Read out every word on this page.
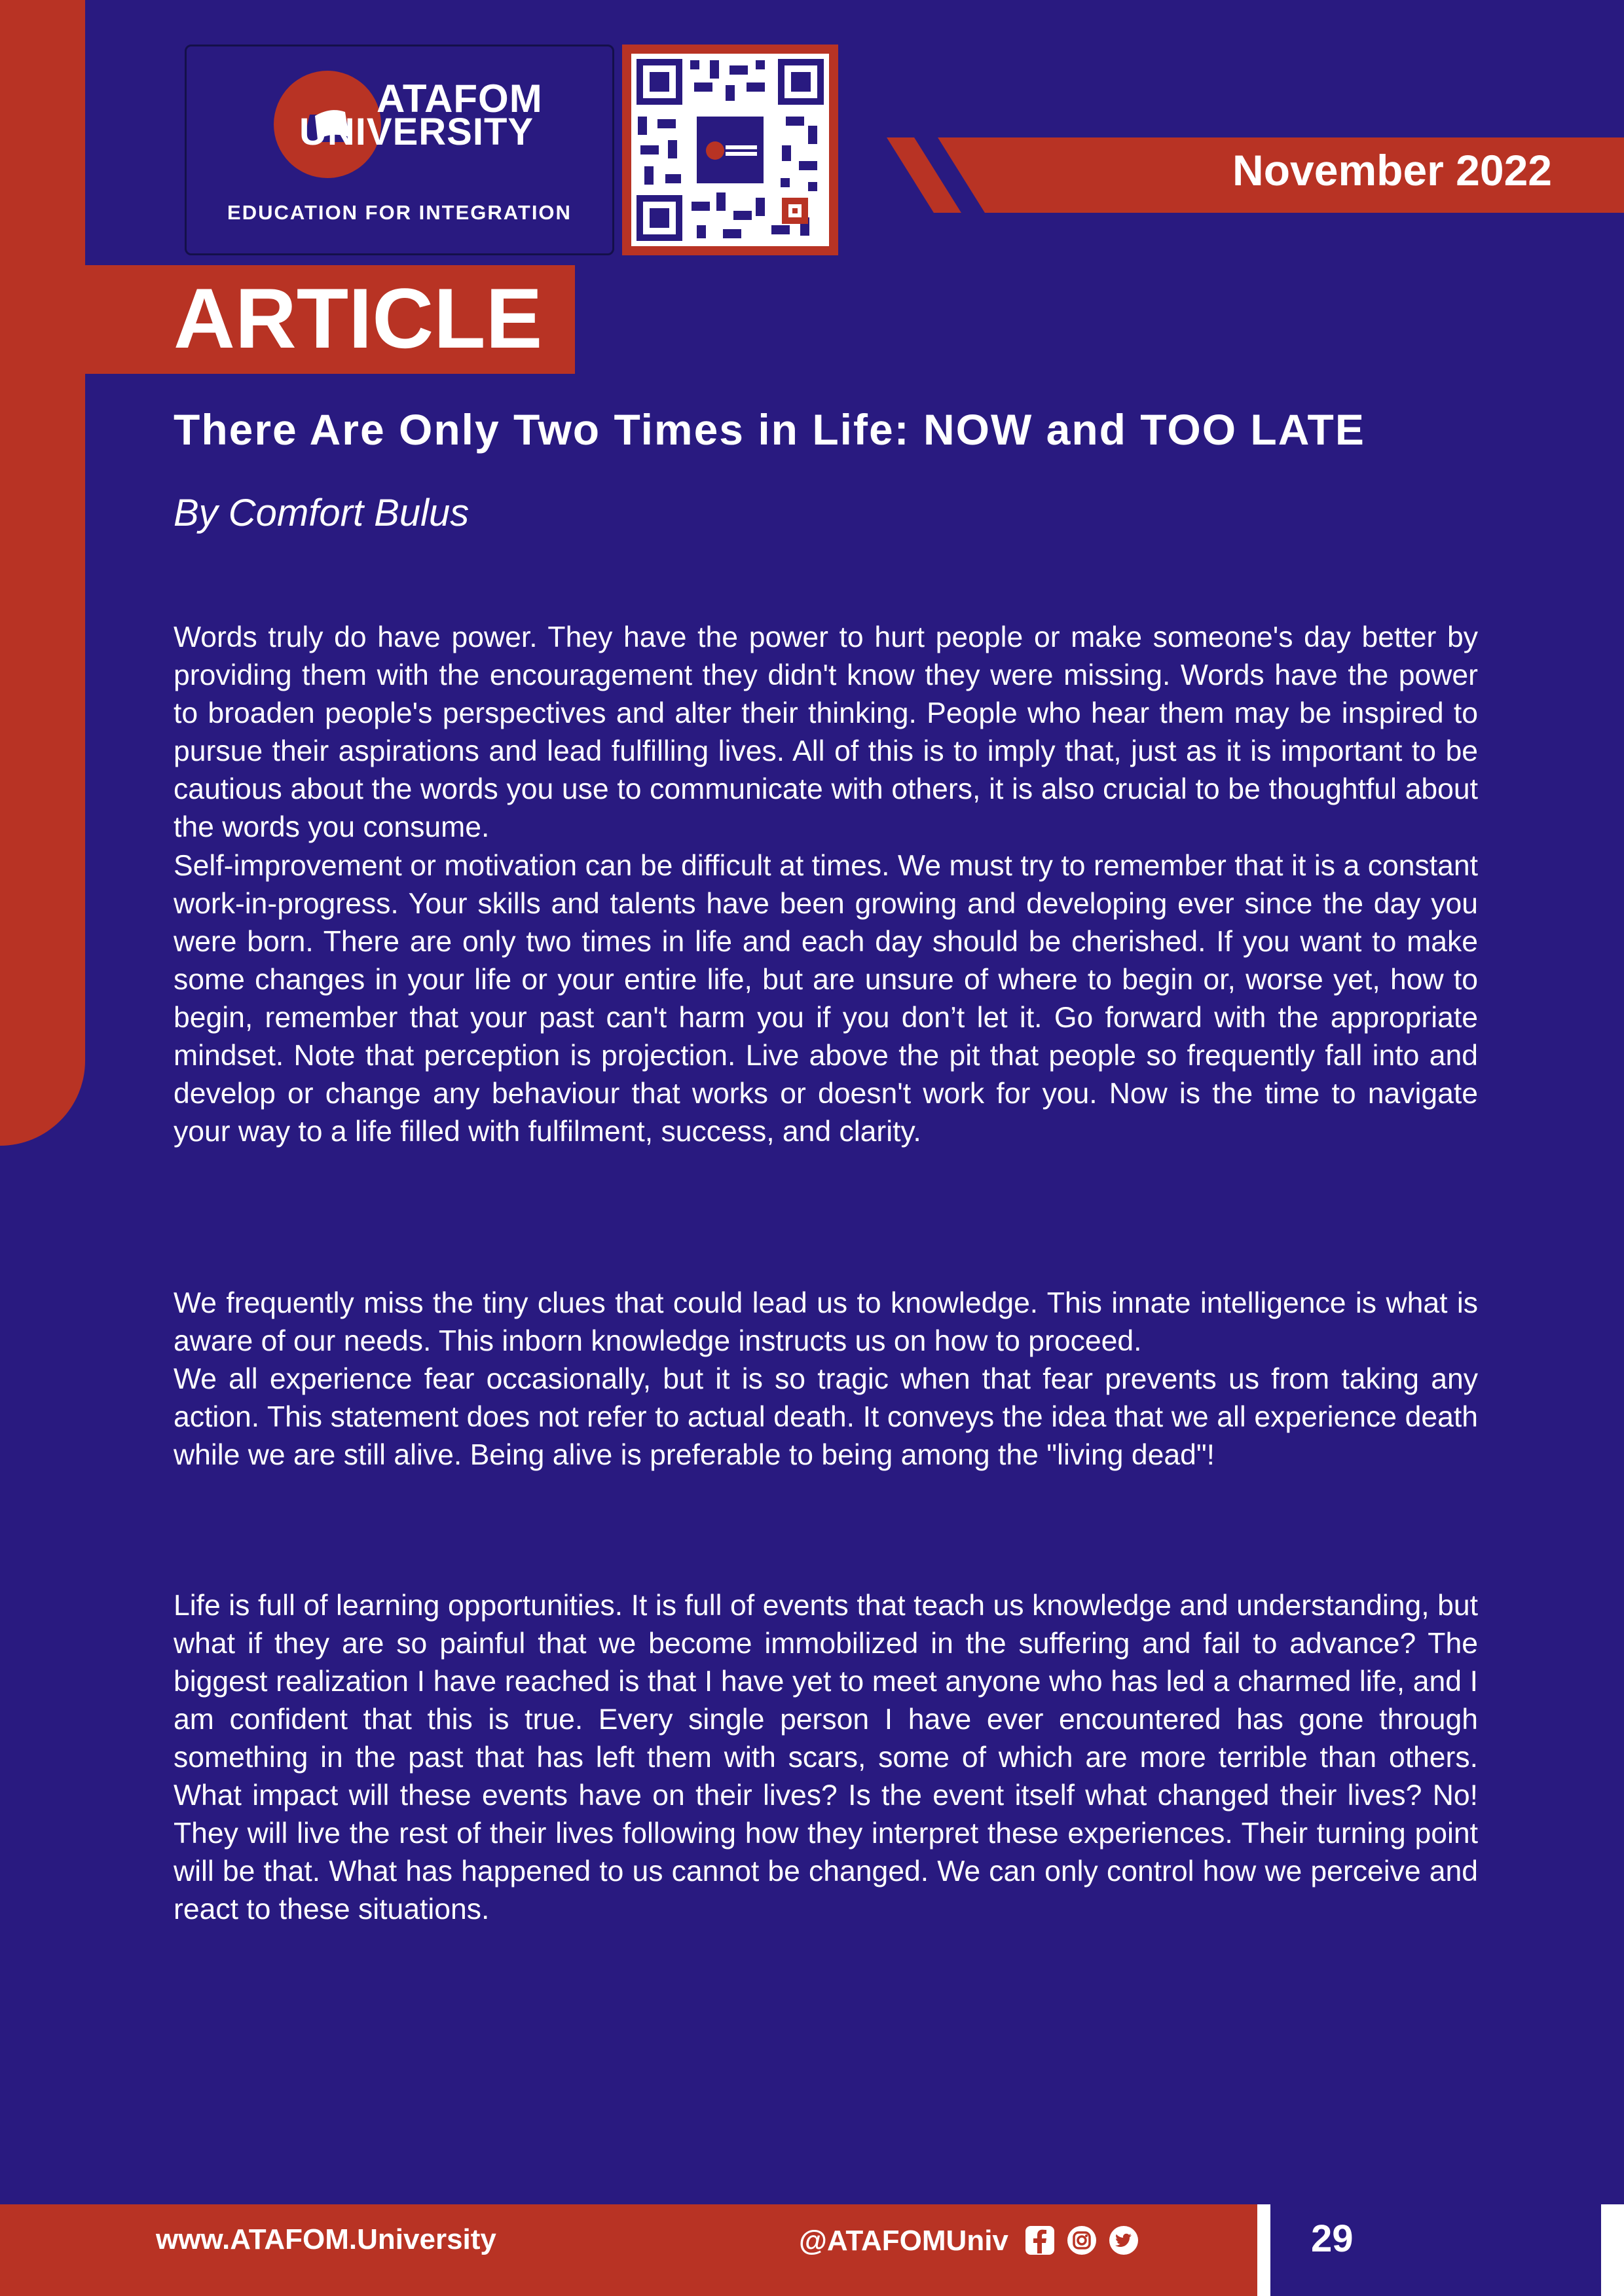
ATAFOM
UNIVERSITY
EDUCATION FOR INTEGRATION
November 2022
ARTICLE
There Are Only Two Times in Life: NOW and TOO LATE
By Comfort Bulus

Words truly do have power. They have the power to hurt people or make someone's day better by providing them with the encouragement they didn't know they were missing. Words have the power to broaden people's perspectives and alter their thinking. People who hear them may be inspired to pursue their aspirations and lead fulfilling lives. All of this is to imply that, just as it is important to be cautious about the words you use to communicate with others, it is also crucial to be thoughtful about the words you consume.

Self-improvement or motivation can be difficult at times. We must try to remember that it is a constant work-in-progress. Your skills and talents have been growing and developing ever since the day you were born. There are only two times in life and each day should be cherished. If you want to make some changes in your life or your entire life, but are unsure of where to begin or, worse yet, how to begin, remember that your past can't harm you if you don’t let it. Go forward with the appropriate mindset. Note that perception is projection. Live above the pit that people so frequently fall into and develop or change any behaviour that works or doesn't work for you. Now is the time to navigate your way to a life filled with fulfilment, success, and clarity.

We frequently miss the tiny clues that could lead us to knowledge. This innate intelligence is what is aware of our needs. This inborn knowledge instructs us on how to proceed.

We all experience fear occasionally, but it is so tragic when that fear prevents us from taking any action. This statement does not refer to actual death. It conveys the idea that we all experience death while we are still alive. Being alive is preferable to being among the "living dead"!

Life is full of learning opportunities. It is full of events that teach us knowledge and understanding, but what if they are so painful that we become immobilized in the suffering and fail to advance? The biggest realization I have reached is that I have yet to meet anyone who has led a charmed life, and I am confident that this is true. Every single person I have ever encountered has gone through something in the past that has left them with scars, some of which are more terrible than others. What impact will these events have on their lives? Is the event itself what changed their lives? No! They will live the rest of their lives following how they interpret these experiences. Their turning point will be that. What has happened to us cannot be changed. We can only control how we perceive and react to these situations.

www.ATAFOM.University	@ATAFOMUniv	29
